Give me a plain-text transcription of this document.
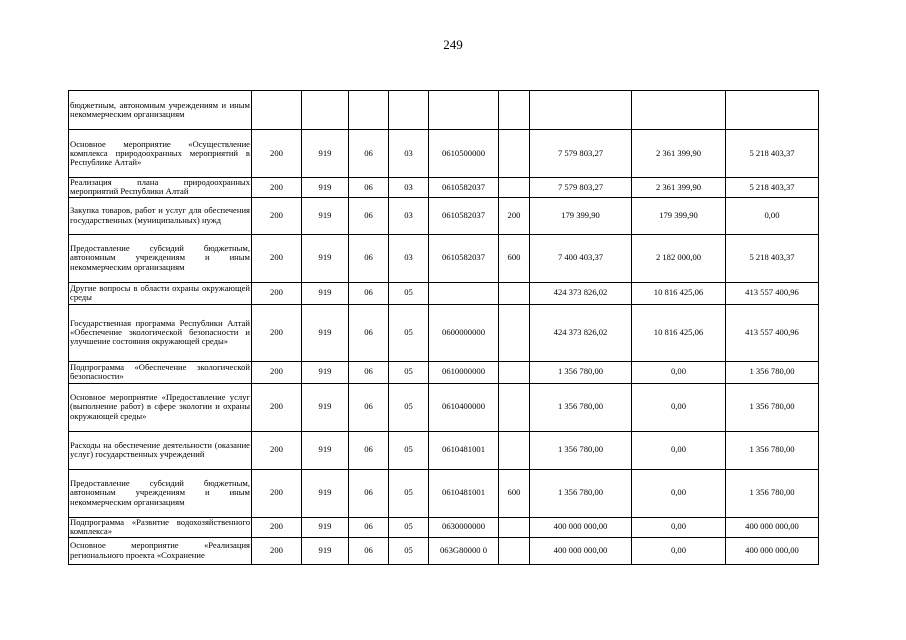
249
бюджетным, автономным учреждениям и иным некоммерческим организациям									
Основное мероприятие «Осуществление комплекса природоохранных мероприятий в Республике Алтай»	200	919	06	03	0610500000		7 579 803,27	2 361 399,90	5 218 403,37
Реализация плана природоохранных мероприятий Республики Алтай	200	919	06	03	0610582037		7 579 803,27	2 361 399,90	5 218 403,37
Закупка товаров, работ и услуг для обеспечения государственных (муниципальных) нужд	200	919	06	03	0610582037	200	179 399,90	179 399,90	0,00
Предоставление субсидий бюджетным, автономным учреждениям и иным некоммерческим организациям	200	919	06	03	0610582037	600	7 400 403,37	2 182 000,00	5 218 403,37
Другие вопросы в области охраны окружающей среды	200	919	06	05			424 373 826,02	10 816 425,06	413 557 400,96
Государственная программа Республики Алтай «Обеспечение экологической безопасности и улучшение состояния окружающей среды»	200	919	06	05	0600000000		424 373 826,02	10 816 425,06	413 557 400,96
Подпрограмма «Обеспечение экологической безопасности»	200	919	06	05	0610000000		1 356 780,00	0,00	1 356 780,00
Основное мероприятие «Предоставление услуг (выполнение работ) в сфере экологии и охраны окружающей среды»	200	919	06	05	0610400000		1 356 780,00	0,00	1 356 780,00
Расходы на обеспечение деятельности (оказание услуг) государственных учреждений	200	919	06	05	0610481001		1 356 780,00	0,00	1 356 780,00
Предоставление субсидий бюджетным, автономным учреждениям и иным некоммерческим организациям	200	919	06	05	0610481001	600	1 356 780,00	0,00	1 356 780,00
Подпрограмма «Развитие водохозяйственного комплекса»	200	919	06	05	0630000000		400 000 000,00	0,00	400 000 000,00
Основное мероприятие «Реализация регионального проекта «Сохранение	200	919	06	05	063G80000 0		400 000 000,00	0,00	400 000 000,00
